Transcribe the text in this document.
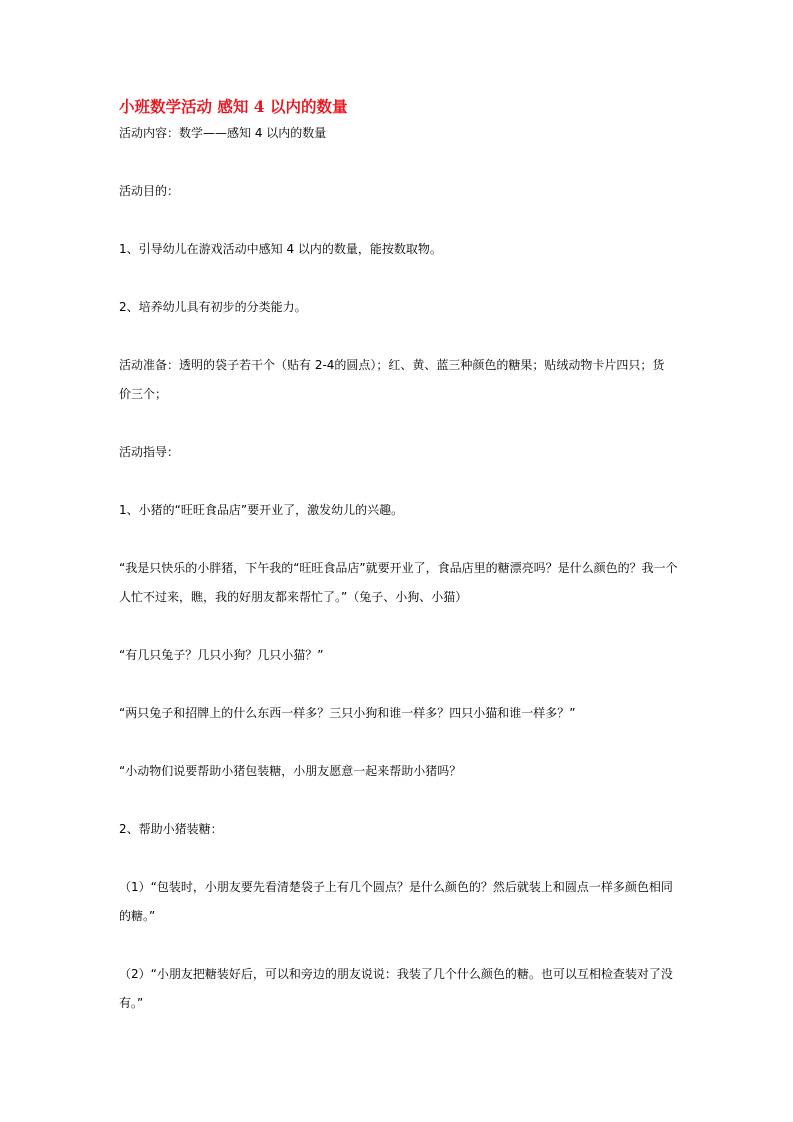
小班数学活动 感知 4 以内的数量
活动内容：数学——感知 4 以内的数量
活动目的：
1、引导幼儿在游戏活动中感知 4 以内的数量，能按数取物。
2、培养幼儿具有初步的分类能力。
活动准备：透明的袋子若干个（贴有 2-4的圆点）；红、黄、蓝三种颜色的糖果；贴绒动物卡片四只；货
价三个；
活动指导：
1、小猪的“旺旺食品店”要开业了，激发幼儿的兴趣。
“我是只快乐的小胖猪，下午我的“旺旺食品店”就要开业了，食品店里的糖漂亮吗？是什么颜色的？我一个
人忙不过来，瞧，我的好朋友都来帮忙了。”（兔子、小狗、小猫）
“有几只兔子？几只小狗？几只小猫？”
“两只兔子和招牌上的什么东西一样多？三只小狗和谁一样多？四只小猫和谁一样多？”
“小动物们说要帮助小猪包装糖，小朋友愿意一起来帮助小猪吗？
2、帮助小猪装糖：
（1）“包装时，小朋友要先看清楚袋子上有几个圆点？是什么颜色的？然后就装上和圆点一样多颜色相同
的糖。”
（2）“小朋友把糖装好后，可以和旁边的朋友说说：我装了几个什么颜色的糖。也可以互相检查装对了没
有。”
